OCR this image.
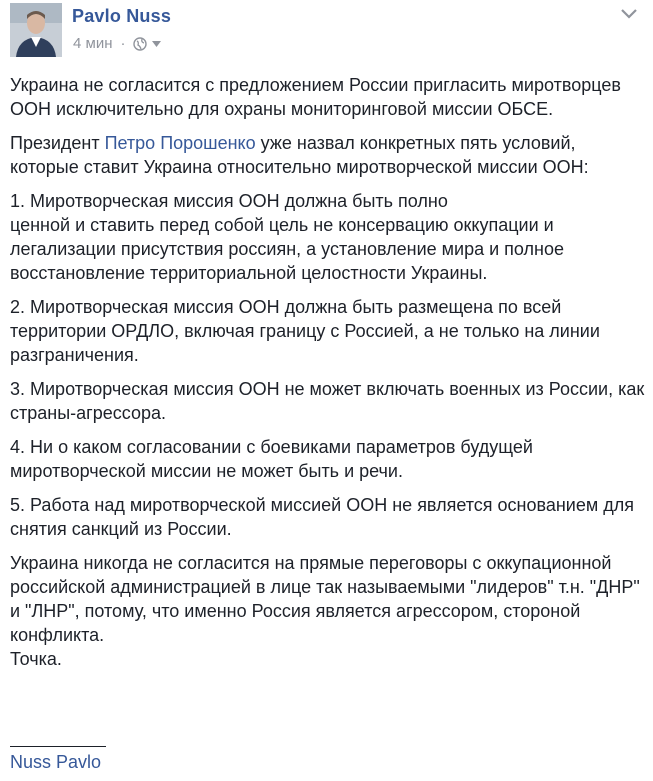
Pavlo Nuss
4 мин ·

Украина не согласится с предложением России пригласить миротворцев ООН исключительно для охраны мониторинговой миссии ОБСЕ.

Президент Петро Порошенко уже назвал конкретных пять условий, которые ставит Украина относительно миротворческой миссии ООН:

1. Миротворческая миссия ООН должна быть полно
ценной и ставить перед собой цель не консервацию оккупации и легализации присутствия россиян, а установление мира и полное восстановление территориальной целостности Украины.

2. Миротворческая миссия ООН должна быть размещена по всей территории ОРДЛО, включая границу с Россией, а не только на линии разграничения.

3. Миротворческая миссия ООН не может включать военных из России, как страны-агрессора.

4. Ни о каком согласовании с боевиками параметров будущей миротворческой миссии не может быть и речи.

5. Работа над миротворческой миссией ООН не является основанием для снятия санкций из России.

Украина никогда не согласится на прямые переговоры с оккупационной российской администрацией в лице так называемыми "лидеров" т.н. "ДНР" и "ЛНР", потому, что именно Россия является агрессором, стороной конфликта.
Точка.

Nuss Pavlo
